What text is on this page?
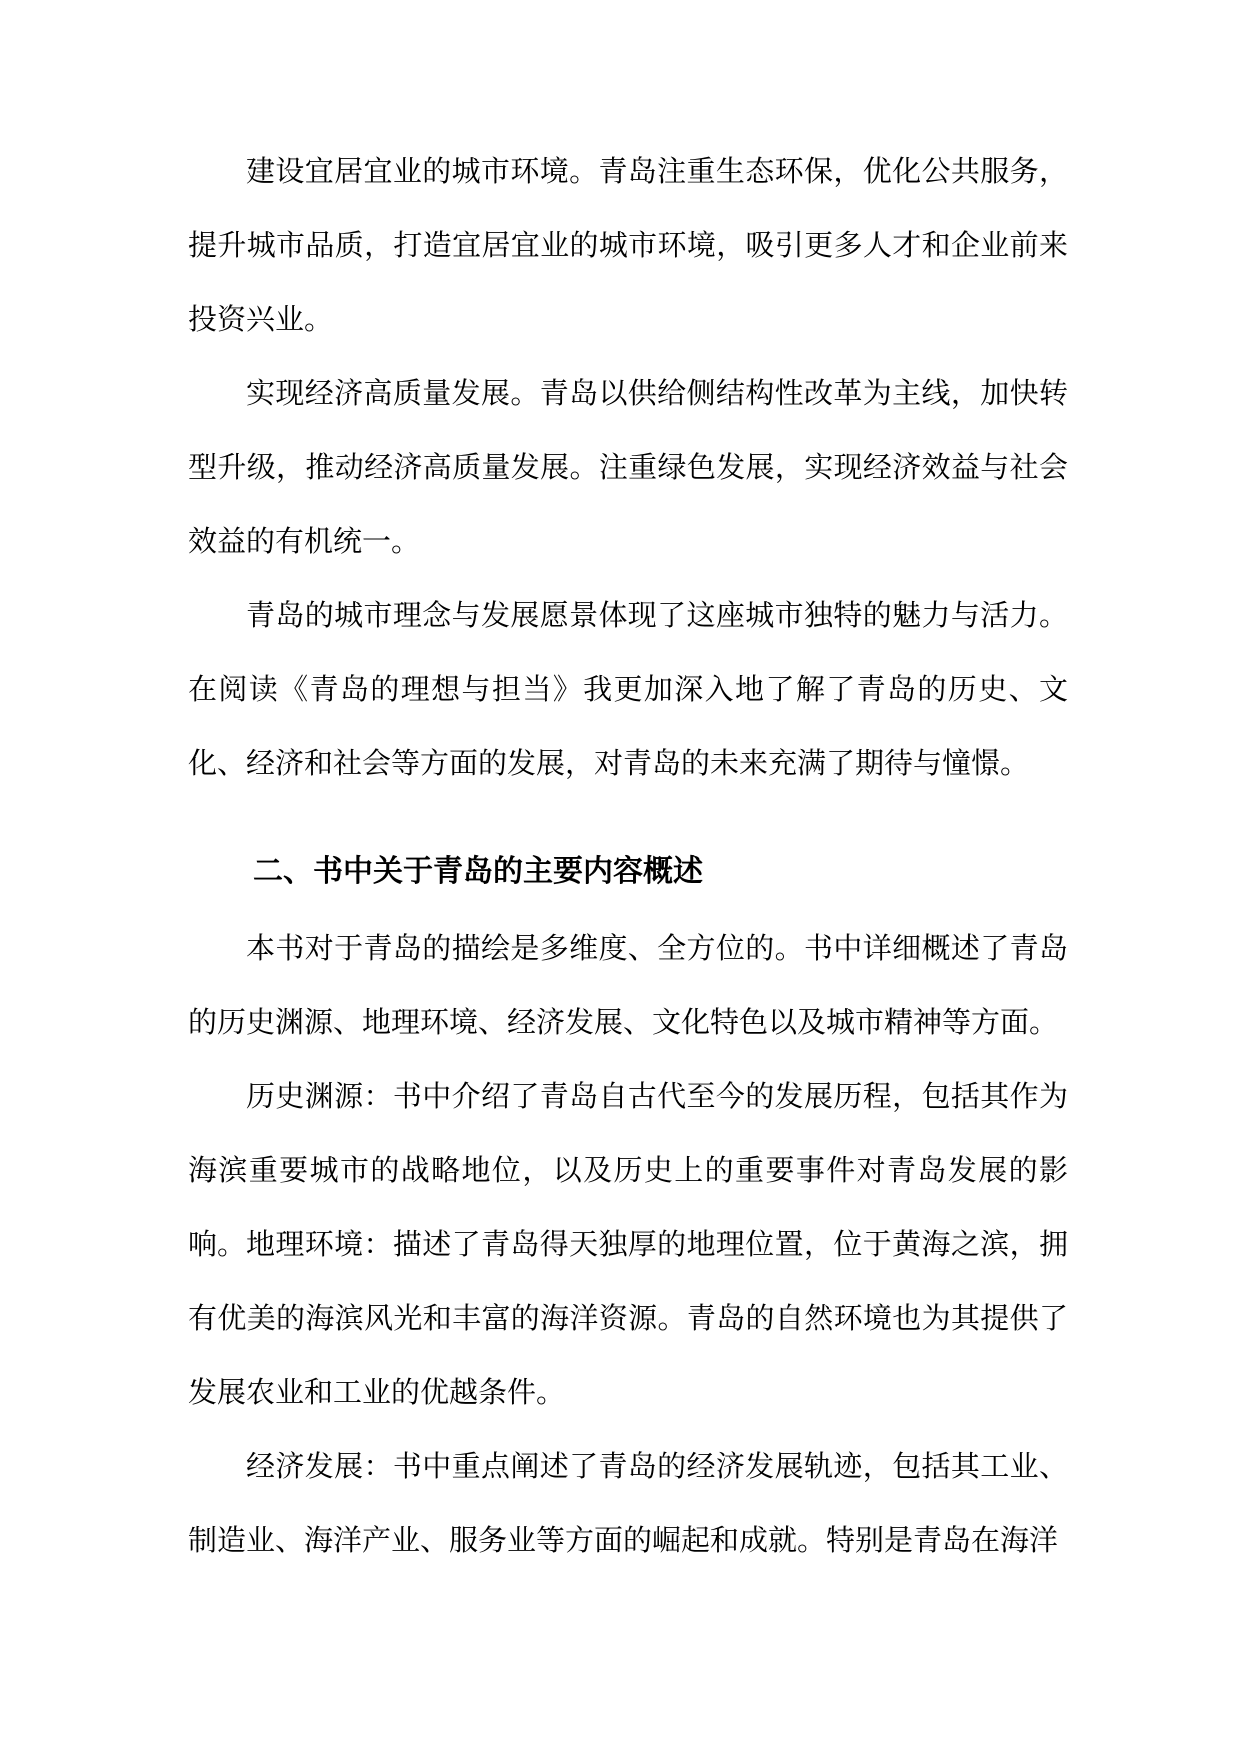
建设宜居宜业的城市环境。青岛注重生态环保，优化公共服务，提升城市品质，打造宜居宜业的城市环境，吸引更多人才和企业前来投资兴业。

实现经济高质量发展。青岛以供给侧结构性改革为主线，加快转型升级，推动经济高质量发展。注重绿色发展，实现经济效益与社会效益的有机统一。

青岛的城市理念与发展愿景体现了这座城市独特的魅力与活力。在阅读《青岛的理想与担当》我更加深入地了解了青岛的历史、文化、经济和社会等方面的发展，对青岛的未来充满了期待与憧憬。

二、书中关于青岛的主要内容概述

本书对于青岛的描绘是多维度、全方位的。书中详细概述了青岛的历史渊源、地理环境、经济发展、文化特色以及城市精神等方面。

历史渊源：书中介绍了青岛自古代至今的发展历程，包括其作为海滨重要城市的战略地位，以及历史上的重要事件对青岛发展的影响。 地理环境：描述了青岛得天独厚的地理位置，位于黄海之滨，拥有优美的海滨风光和丰富的海洋资源。青岛的自然环境也为其提供了发展农业和工业的优越条件。

经济发展：书中重点阐述了青岛的经济发展轨迹，包括其工业、制造业、海洋产业、服务业等方面的崛起和成就。特别是青岛在海洋
